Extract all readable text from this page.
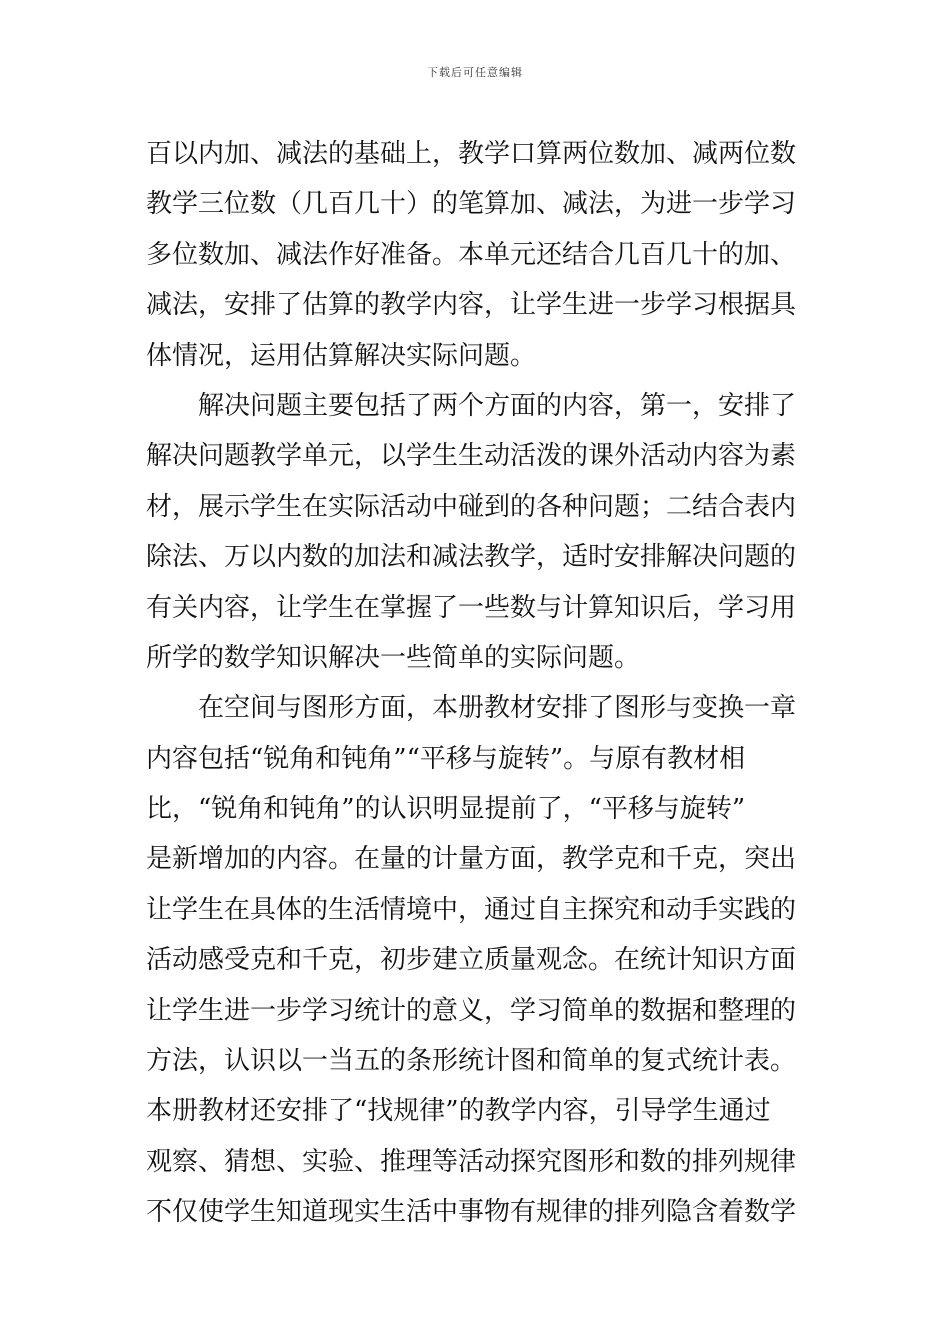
下载后可任意编辑
百以内加、减法的基础上，教学口算两位数加、减两位数
教学三位数（几百几十）的笔算加、减法，为进一步学习
多位数加、减法作好准备。本单元还结合几百几十的加、
减法，安排了估算的教学内容，让学生进一步学习根据具
体情况，运用估算解决实际问题。
解决问题主要包括了两个方面的内容，第一，安排了
解决问题教学单元，以学生生动活泼的课外活动内容为素
材，展示学生在实际活动中碰到的各种问题；二结合表内
除法、万以内数的加法和减法教学，适时安排解决问题的
有关内容，让学生在掌握了一些数与计算知识后，学习用
所学的数学知识解决一些简单的实际问题。
在空间与图形方面，本册教材安排了图形与变换一章
内容包括“锐角和钝角”“平移与旋转”。与原有教材相
比，“锐角和钝角”的认识明显提前了，“平移与旋转”
是新增加的内容。在量的计量方面，教学克和千克，突出
让学生在具体的生活情境中，通过自主探究和动手实践的
活动感受克和千克，初步建立质量观念。在统计知识方面
让学生进一步学习统计的意义，学习简单的数据和整理的
方法，认识以一当五的条形统计图和简单的复式统计表。
本册教材还安排了“找规律”的教学内容，引导学生通过
观察、猜想、实验、推理等活动探究图形和数的排列规律
不仅使学生知道现实生活中事物有规律的排列隐含着数学
